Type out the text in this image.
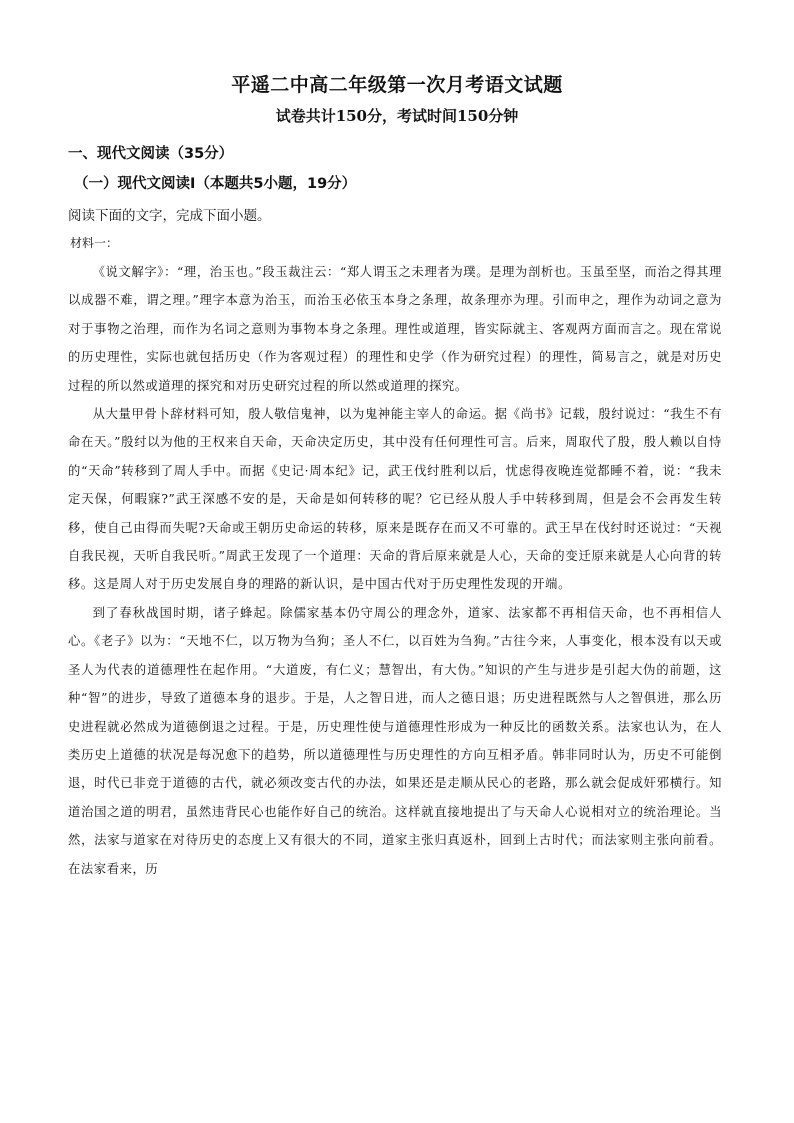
平遥二中高二年级第一次月考语文试题
试卷共计150分，考试时间150分钟
一、现代文阅读（35分）
（一）现代文阅读Ⅰ（本题共5小题，19分）
阅读下面的文字，完成下面小题。
材料一：

《说文解字》：“理，治玉也。”段玉裁注云：“郑人谓玉之未理者为璞。是理为剖析也。玉虽至坚，而治之得其理以成器不难，谓之理。”理字本意为治玉，而治玉必依玉本身之条理，故条理亦为理。引而申之，理作为动词之意为对于事物之治理，而作为名词之意则为事物本身之条理。理性或道理，皆实际就主、客观两方面而言之。现在常说的历史理性，实际也就包括历史（作为客观过程）的理性和史学（作为研究过程）的理性，简易言之，就是对历史过程的所以然或道理的探究和对历史研究过程的所以然或道理的探究。

从大量甲骨卜辞材料可知，殷人敬信鬼神，以为鬼神能主宰人的命运。据《尚书》记载，殷纣说过：“我生不有命在天。”殷纣以为他的王权来自天命，天命决定历史，其中没有任何理性可言。后来，周取代了殷，殷人赖以自恃的“天命”转移到了周人手中。而据《史记·周本纪》记，武王伐纣胜利以后，忧虑得夜晚连觉都睡不着，说：“我未定天保，何暇寐?”武王深感不安的是，天命是如何转移的呢？它已经从殷人手中转移到周，但是会不会再发生转移，使自己由得而失呢?天命或王朝历史命运的转移，原来是既存在而又不可靠的。武王早在伐纣时还说过：“天视自我民视，天听自我民听。”周武王发现了一个道理：天命的背后原来就是人心，天命的变迁原来就是人心向背的转移。这是周人对于历史发展自身的理路的新认识，是中国古代对于历史理性发现的开端。

到了春秋战国时期，诸子蜂起。除儒家基本仍守周公的理念外，道家、法家都不再相信天命，也不再相信人心。《老子》以为：“天地不仁，以万物为刍狗；圣人不仁，以百姓为刍狗。”古往今来，人事变化，根本没有以天或圣人为代表的道德理性在起作用。“大道废，有仁义；慧智出，有大伪。”知识的产生与进步是引起大伪的前题，这种“智”的进步，导致了道德本身的退步。于是，人之智日进，而人之德日退；历史进程既然与人之智俱进，那么历史进程就必然成为道德倒退之过程。于是，历史理性使与道德理性形成为一种反比的函数关系。法家也认为，在人类历史上道德的状况是每况愈下的趋势，所以道德理性与历史理性的方向互相矛盾。韩非同时认为，历史不可能倒退，时代已非竞于道德的古代，就必须改变古代的办法，如果还是走顺从民心的老路，那么就会促成奸邪横行。知道治国之道的明君，虽然违背民心也能作好自己的统治。这样就直接地提出了与天命人心说相对立的统治理论。当然，法家与道家在对待历史的态度上又有很大的不同，道家主张归真返朴，回到上古时代；而法家则主张向前看。在法家看来，历
